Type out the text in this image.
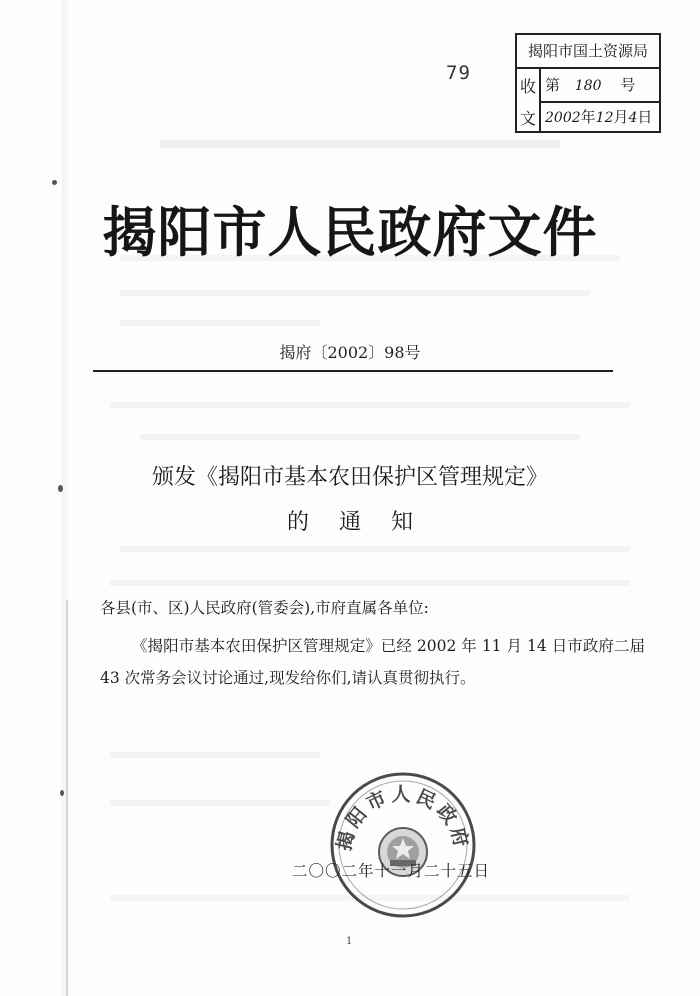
79
揭阳市国土资源局
收
文
第 180 号
2002年12月4日
揭阳市人民政府文件
揭府〔2002〕98号
颁发《揭阳市基本农田保护区管理规定》
的通知
各县(市、区)人民政府(管委会),市府直属各单位:
《揭阳市基本农田保护区管理规定》已经 2002 年 11 月 14 日市政府二届 43 次常务会议讨论通过,现发给你们,请认真贯彻执行。
揭阳市人民政府
二〇〇二年十一月二十五日
1
